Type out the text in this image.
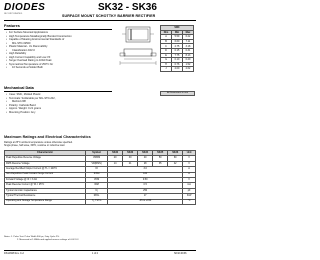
DIODES
INCORPORATED
SK32 - SK36
SURFACE MOUNT SCHOTTKY BARRIER RECTIFIER
Features
• For Surface Mounted Applications
• High Temperature Metallurgically Bonded Construction
• Capable of Meeting Environmental Standards of
• MIL-STD-19500
• Plastic Material - UL Flammability
• Classification 94V-0
• High Reliability
• High Current Capability and Low VF
• Surge Overload Rating to 100A Peak
• Symmetrical Temperature of 250°C for
• 10 Seconds at Solder Bath
Mechanical Data
• Case: SMC, Molded Plastic
• Terminals: Solderable per MIL-STD-202,
• Method 208
• Polarity: Cathode Band
• Approx. Weight: 0.21 grams
• Mounting Position: Any
SMC		
Dim	Min	Max
A	5.59	6.22
B	6.60	7.11
C	2.75	3.18
D	0.15	0.31
E	7.75	8.13
G	0.10	0.20
H	0.76	1.52
J	2.00	2.62
All Dimensions in mm
Maximum Ratings and Electrical Characteristics
Ratings at 25°C ambient temperature unless otherwise specified.
Single phase, half wave, 60Hz, resistive or inductive load.
Characteristic	Symbol	SK32	SK33	SK34	SK35	SK36	Unit
Peak Repetitive Reverse Voltage	VRRM	20	30	40	50	60	V
RMS Reverse Voltage	VR(RMS)	14	21	28	35	42	V
Average Rectified Output Current @ TL = 100°C	IO	3.0					A
Non-Repetitive Peak Forward Surge Current	IFSM	100					A
Forward Voltage @ IF = 3.0A	VFM	0.50					V
Peak Reverse Current @ TA = 25°C	IRM	0.5					mA
Typical Junction Capacitance	Cj	250					pF
Typical Thermal Resistance	RθJL	17					K/W
Operating and Storage Temperature Range	Tj, TSTG	-65 to +150					°C
Notes: 1. Pulse Test: Pulse Width 300 μs, Duty Cycle 2%.
2. Measured at 1.0MHz and applied reverse voltage of 4.0V DC.
DS14308 Rev. C-2	1 of 2	SK32-SK36
